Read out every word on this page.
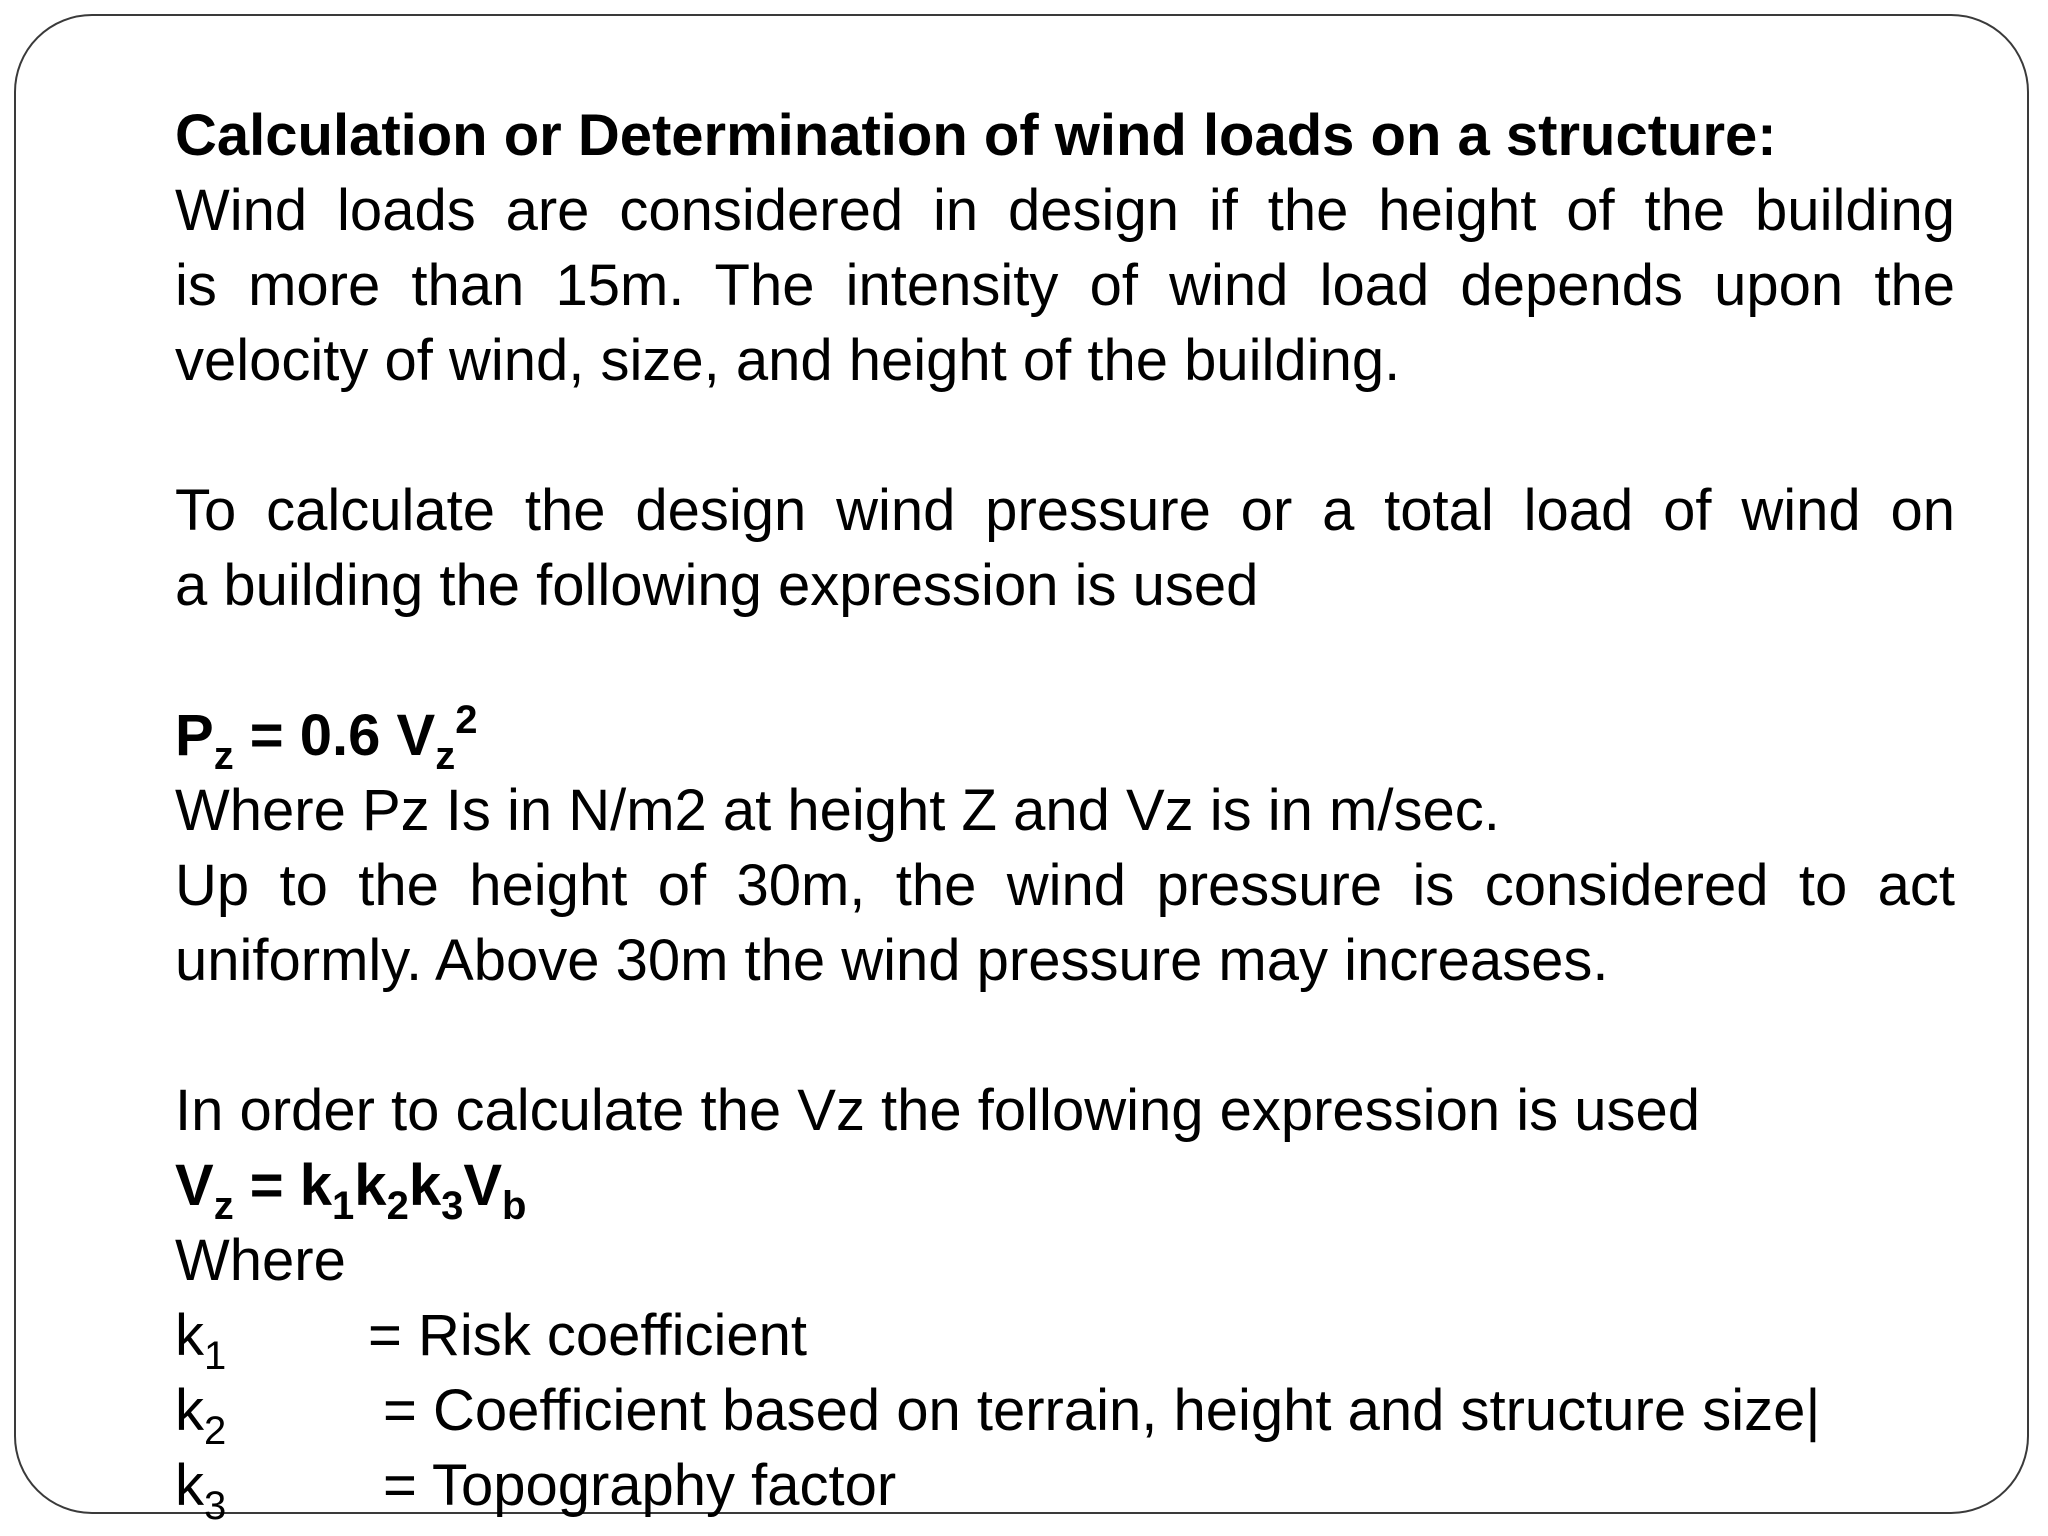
Calculation or Determination of wind loads on a structure:
Wind loads are considered in design if the height of the building
is more than 15m. The intensity of wind load depends upon the
velocity of wind, size, and height of the building.
To calculate the design wind pressure or a total load of wind on
a building the following expression is used
$P_z = 0.6$ $V_z^2$
Where Pz Is in N/m2 at height Z and Vz is in m/sec.
Up to the height of 30m, the wind pressure is considered to act
uniformly. Above 30m the wind pressure may increases.
In order to calculate the Vz the following expression is used
$V_z = k_1k_2k_3V_b$
Where
$k_1$ = Risk coefficient
$k_2$	= Coefficient based on terrain, height and structure size|
$k_3$	= Topography factor
